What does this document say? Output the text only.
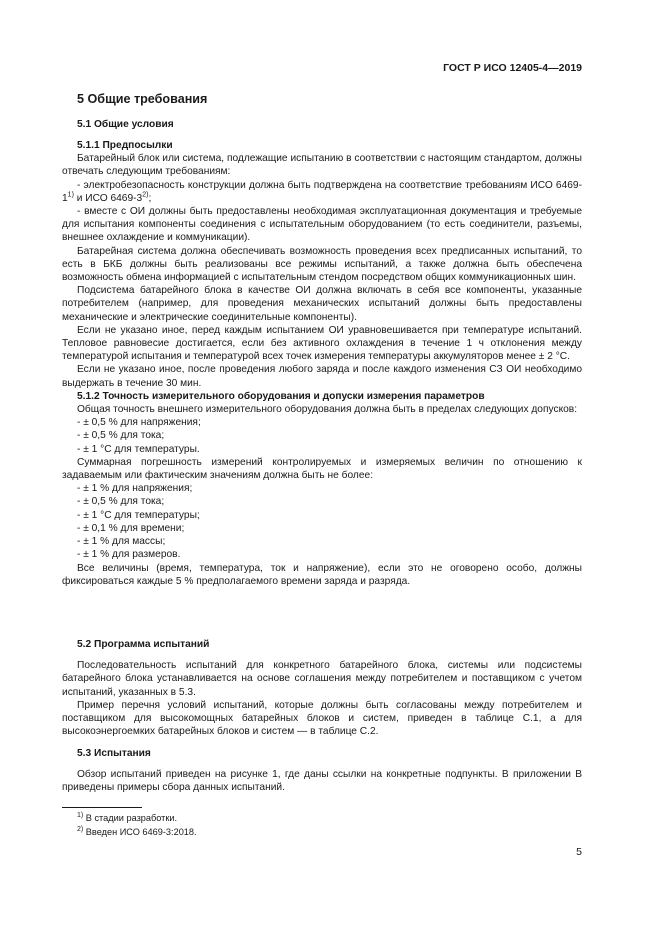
ГОСТ Р ИСО 12405-4—2019
5 Общие требования

5.1 Общие условия

5.1.1 Предпосылки

Батарейный блок или система, подлежащие испытанию в соответствии с настоящим стандартом, должны отвечать следующим требованиям:

- электробезопасность конструкции должна быть подтверждена на соответствие требованиям ИСО 6469-1$^{1)}$ и ИСО 6469-3$^{2)}$;

- вместе с ОИ должны быть предоставлены необходимая эксплуатационная документация и требуемые для испытания компоненты соединения с испытательным оборудованием (то есть соединители, разъемы, внешнее охлаждение и коммуникации).

Батарейная система должна обеспечивать возможность проведения всех предписанных испытаний, то есть в БКБ должны быть реализованы все режимы испытаний, а также должна быть обеспечена возможность обмена информацией с испытательным стендом посредством общих коммуникационных шин.

Подсистема батарейного блока в качестве ОИ должна включать в себя все компоненты, указанные потребителем (например, для проведения механических испытаний должны быть предоставлены механические и электрические соединительные компоненты).

Если не указано иное, перед каждым испытанием ОИ уравновешивается при температуре испытаний. Тепловое равновесие достигается, если без активного охлаждения в течение 1 ч отклонения между температурой испытания и температурой всех точек измерения температуры аккумуляторов менее ± 2 °С.

Если не указано иное, после проведения любого заряда и после каждого изменения СЗ ОИ необходимо выдержать в течение 30 мин.

5.1.2 Точность измерительного оборудования и допуски измерения параметров

Общая точность внешнего измерительного оборудования должна быть в пределах следующих допусков:

- ± 0,5 % для напряжения;

- ± 0,5 % для тока;

- ± 1 °С для температуры.

Суммарная погрешность измерений контролируемых и измеряемых величин по отношению к задаваемым или фактическим значениям должна быть не более:

- ± 1 % для напряжения;

- ± 0,5 % для тока;

- ± 1 °С для температуры;

- ± 0,1 % для времени;

- ± 1 % для массы;

- ± 1 % для размеров.

Все величины (время, температура, ток и напряжение), если это не оговорено особо, должны фиксироваться каждые 5 % предполагаемого времени заряда и разряда.

5.2 Программа испытаний

Последовательность испытаний для конкретного батарейного блока, системы или подсистемы батарейного блока устанавливается на основе соглашения между потребителем и поставщиком с учетом испытаний, указанных в 5.3.

Пример перечня условий испытаний, которые должны быть согласованы между потребителем и поставщиком для высокомощных батарейных блоков и систем, приведен в таблице С.1, а для высокоэнергоемких батарейных блоков и систем — в таблице С.2.

5.3 Испытания

Обзор испытаний приведен на рисунке 1, где даны ссылки на конкретные подпункты. В приложении В приведены примеры сбора данных испытаний.

$^{1)}$ В стадии разработки.
$^{2)}$ Введен ИСО 6469-3:2018.
5
